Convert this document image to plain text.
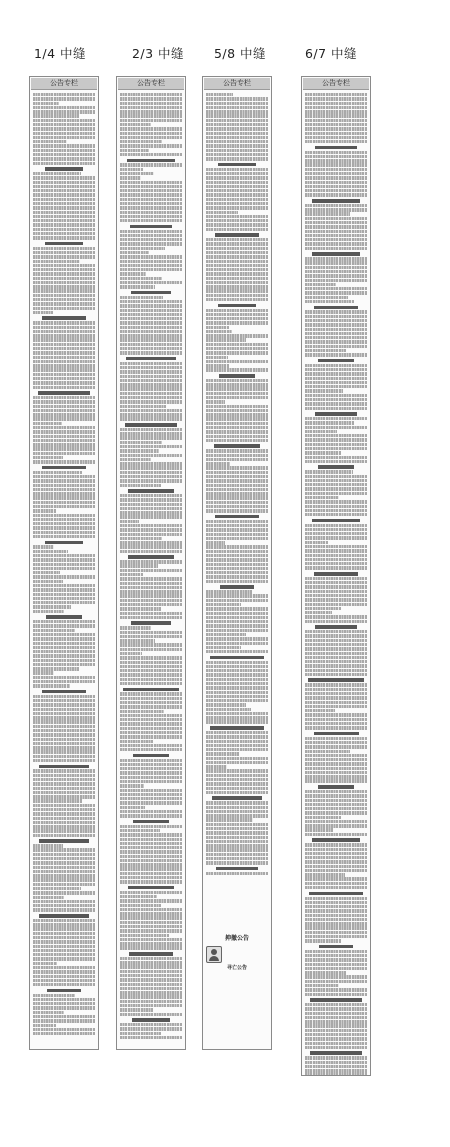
1/4 中缝	2/3 中缝	5/8 中缝	6/7 中缝
公告专栏	公告专栏	公告专栏
抻撤公告
寻亡公告
公告专栏
